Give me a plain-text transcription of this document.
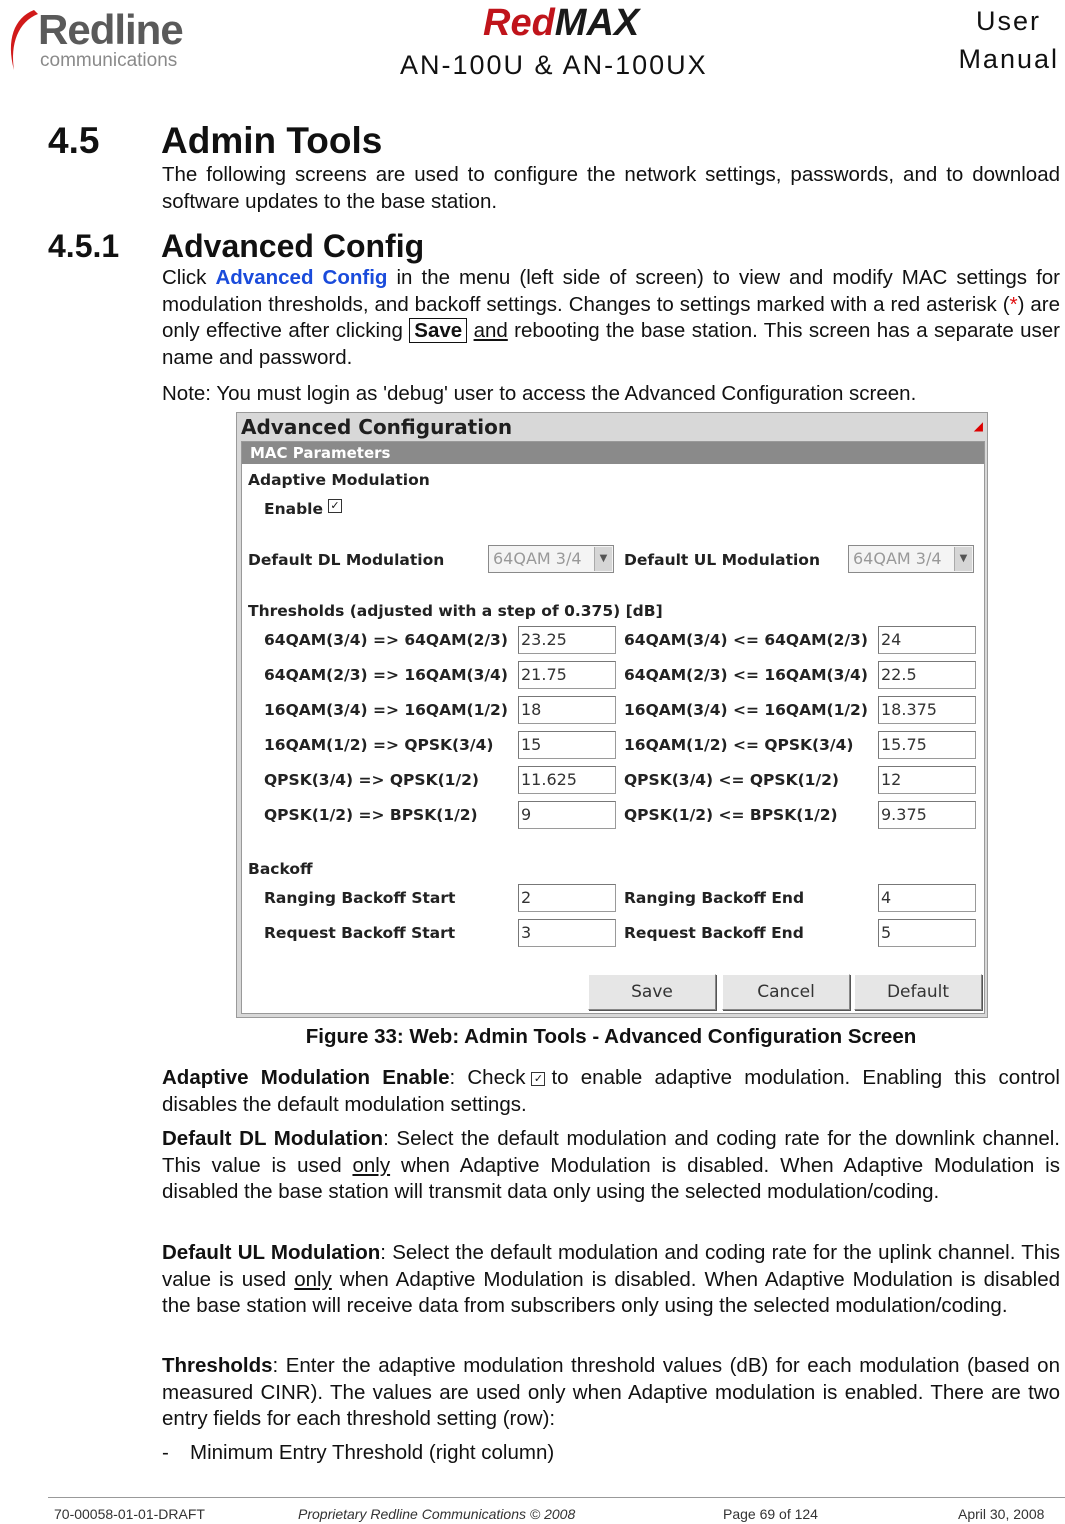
Redline
communications
RedMAX
AN-100U & AN-100UX
User
Manual
4.5 Admin Tools
The following screens are used to configure the network settings, passwords, and to download software updates to the base station.
4.5.1 Advanced Config
Click Advanced Config in the menu (left side of screen) to view and modify MAC settings for modulation thresholds, and backoff settings. Changes to settings marked with a red asterisk (*) are only effective after clicking Save and rebooting the base station. This screen has a separate user name and password.
Note: You must login as 'debug' user to access the Advanced Configuration screen.
Advanced Configuration	◢
MAC Parameters
Adaptive Modulation
Enable ✓
Default DL Modulation	64QAM 3/4	▼	Default UL Modulation	64QAM 3/4	▼
Thresholds (adjusted with a step of 0.375) [dB]
64QAM(3/4) => 64QAM(2/3) 23.25	64QAM(3/4) <= 64QAM(2/3) 24
64QAM(2/3) => 16QAM(3/4) 21.75	64QAM(2/3) <= 16QAM(3/4) 22.5
16QAM(3/4) => 16QAM(1/2) 18	16QAM(3/4) <= 16QAM(1/2) 18.375
16QAM(1/2) => QPSK(3/4) 15	16QAM(1/2) <= QPSK(3/4) 15.75
QPSK(3/4) => QPSK(1/2)	11.625	QPSK(3/4) <= QPSK(1/2)	12
QPSK(1/2) => BPSK(1/2)	9	QPSK(1/2) <= BPSK(1/2)	9.375
Backoff
Ranging Backoff Start	2	Ranging Backoff End	4
Request Backoff Start	3	Request Backoff End	5
Save	Cancel	Default
Figure 33: Web: Admin Tools - Advanced Configuration Screen
Adaptive Modulation Enable: Check ✓ to enable adaptive modulation. Enabling this control disables the default modulation settings.
Default DL Modulation: Select the default modulation and coding rate for the downlink channel. This value is used only when Adaptive Modulation is disabled. When Adaptive Modulation is disabled the base station will transmit data only using the selected modulation/coding.
Default UL Modulation: Select the default modulation and coding rate for the uplink channel. This value is used only when Adaptive Modulation is disabled. When Adaptive Modulation is disabled the base station will receive data from subscribers only using the selected modulation/coding.
Thresholds: Enter the adaptive modulation threshold values (dB) for each modulation (based on measured CINR). The values are used only when Adaptive modulation is enabled. There are two entry fields for each threshold setting (row):
- Minimum Entry Threshold (right column)
70-00058-01-01-DRAFT	Proprietary Redline Communications © 2008	Page 69 of 124	April 30, 2008
